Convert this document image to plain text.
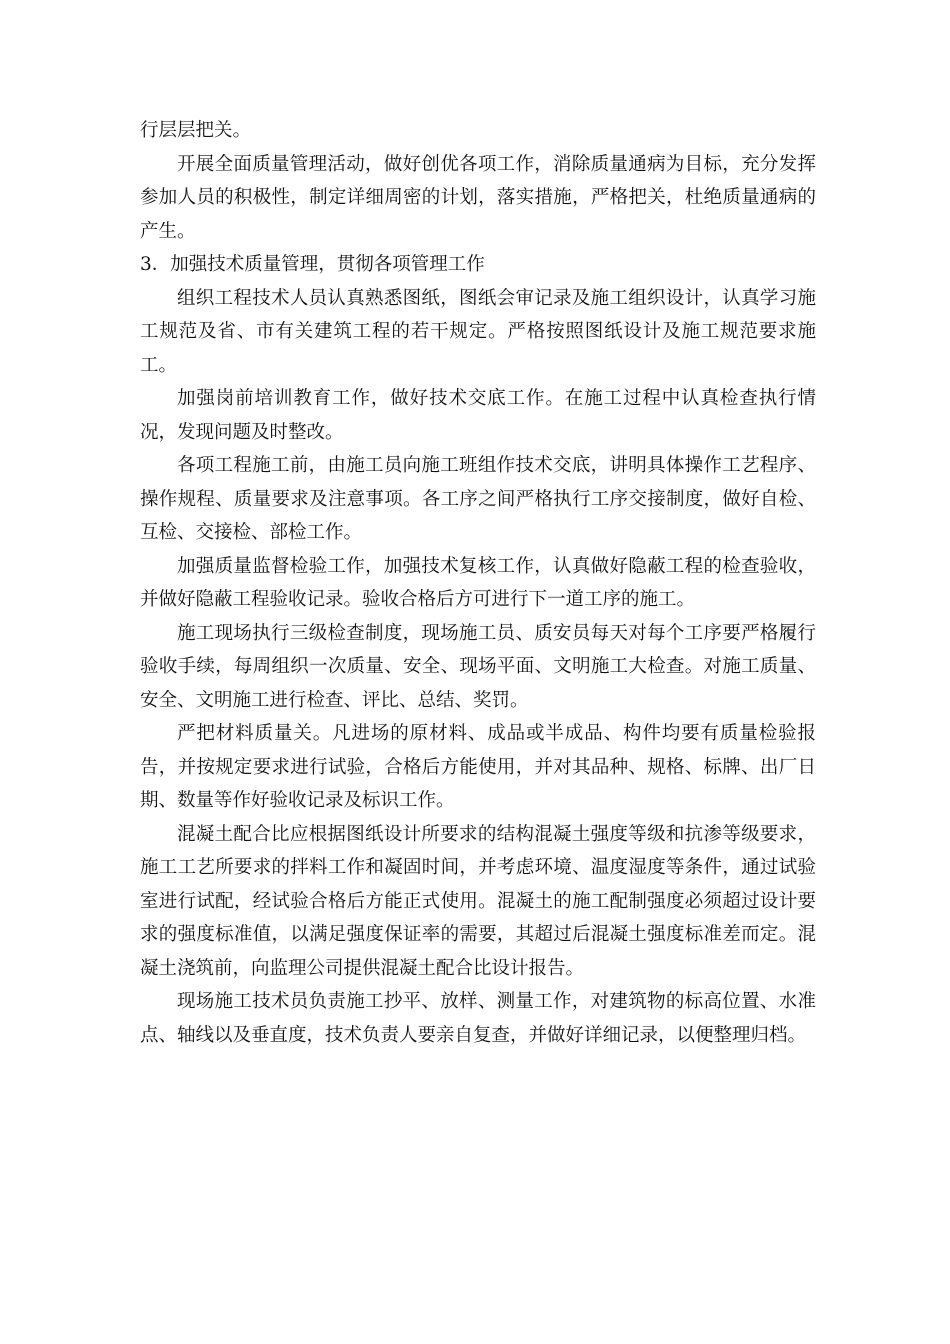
行层层把关。

开展全面质量管理活动，做好创优各项工作，消除质量通病为目标，充分发挥参加人员的积极性，制定详细周密的计划，落实措施，严格把关，杜绝质量通病的产生。

3．加强技术质量管理，贯彻各项管理工作

组织工程技术人员认真熟悉图纸，图纸会审记录及施工组织设计，认真学习施工规范及省、市有关建筑工程的若干规定。严格按照图纸设计及施工规范要求施工。

加强岗前培训教育工作，做好技术交底工作。在施工过程中认真检查执行情况，发现问题及时整改。

各项工程施工前，由施工员向施工班组作技术交底，讲明具体操作工艺程序、操作规程、质量要求及注意事项。各工序之间严格执行工序交接制度，做好自检、互检、交接检、部检工作。

加强质量监督检验工作，加强技术复核工作，认真做好隐蔽工程的检查验收，并做好隐蔽工程验收记录。验收合格后方可进行下一道工序的施工。

施工现场执行三级检查制度，现场施工员、质安员每天对每个工序要严格履行验收手续，每周组织一次质量、安全、现场平面、文明施工大检查。对施工质量、安全、文明施工进行检查、评比、总结、奖罚。

严把材料质量关。凡进场的原材料、成品或半成品、构件均要有质量检验报告，并按规定要求进行试验，合格后方能使用，并对其品种、规格、标牌、出厂日期、数量等作好验收记录及标识工作。

混凝土配合比应根据图纸设计所要求的结构混凝土强度等级和抗渗等级要求，施工工艺所要求的拌料工作和凝固时间，并考虑环境、温度湿度等条件，通过试验室进行试配，经试验合格后方能正式使用。混凝土的施工配制强度必须超过设计要求的强度标准值，以满足强度保证率的需要，其超过后混凝土强度标准差而定。混凝土浇筑前，向监理公司提供混凝土配合比设计报告。

现场施工技术员负责施工抄平、放样、测量工作，对建筑物的标高位置、水准点、轴线以及垂直度，技术负责人要亲自复查，并做好详细记录，以便整理归档。
